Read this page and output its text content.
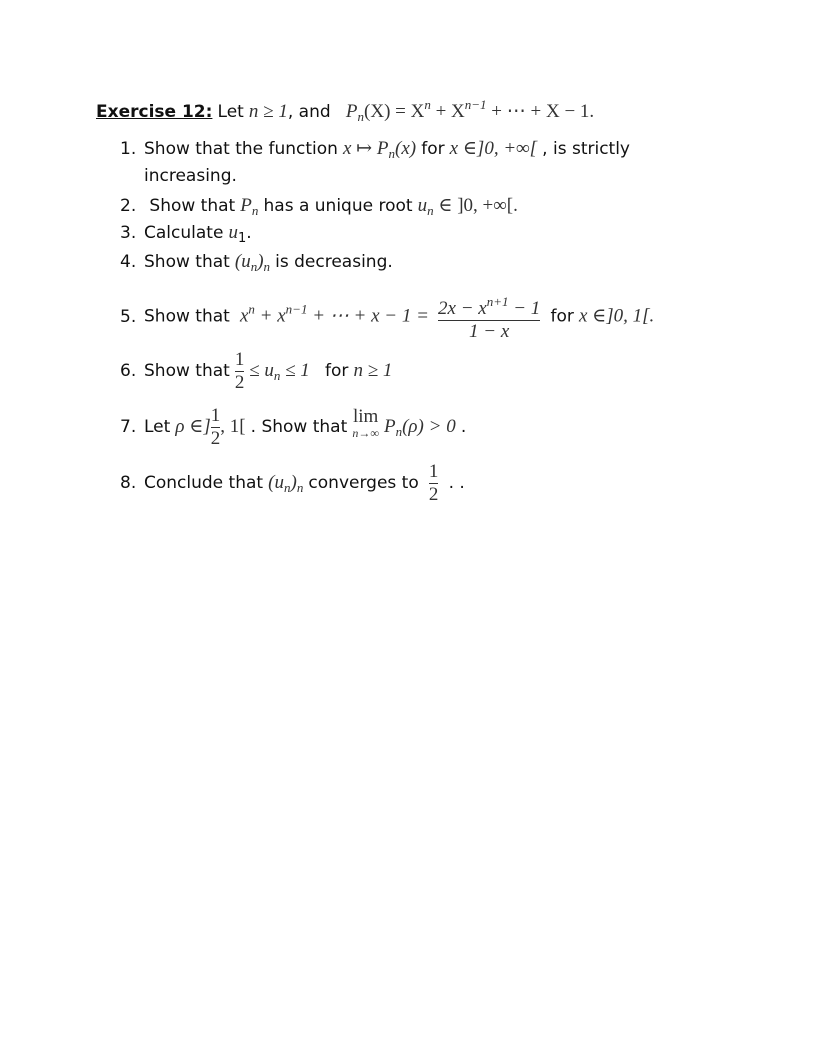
Exercise 12: Let n ≥ 1, and $P_n(X) = X^n + X^{n-1}$ + ⋯ + X − 1.
1. Show that the function x ↦ $P_n(x)$ for x ∈]0, +∞[ , is strictly
increasing.
2. Show that $P_n$ has a unique root $u_n$ ∈ ]0, +∞[.
3. Calculate $u_1$.
4. Show that $(u_n)_n$ is decreasing.
5. Show that $x^n + x^{n-1}$ + ⋯ + $x - 1 = \frac{2x - x^{n+1} - 1}{1 - x}$ for x ∈]0, 1[.
6. Show that $\frac{1}{2} \le u_n \le 1$ for n ≥ 1
7. Let ρ ∈] $\frac{1}{2}$ , 1[ . Show that lim
n→∞ $P_n(\rho) > 0$ .
8. Conclude that $(u_n)_n$ converges to $\frac{1}{2}$ . .
